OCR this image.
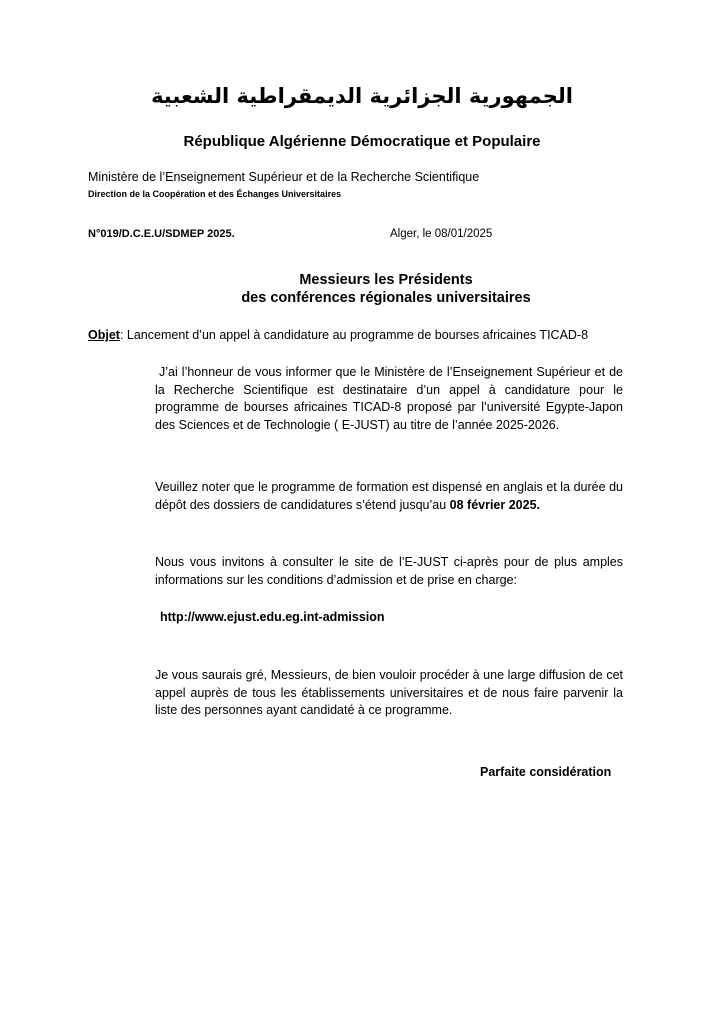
الجمهورية الجزائرية الديمقراطية الشعبية
République Algérienne Démocratique et Populaire
Ministère de l’Enseignement Supérieur et de la Recherche Scientifique
Direction de la Coopération et des Échanges Universitaires
N°019/D.C.E.U/SDMEP 2025.	Alger, le 08/01/2025
Messieurs les Présidents
des conférences régionales universitaires
Objet: Lancement d’un appel à candidature au programme de bourses africaines TICAD-8
J’ai l’honneur de vous informer que le Ministère de l’Enseignement Supérieur et de la Recherche Scientifique est destinataire d’un appel à candidature pour le programme de bourses africaines TICAD-8 proposé par l’université Egypte-Japon des Sciences et de Technologie ( E-JUST) au titre de l’année 2025-2026.
Veuillez noter que le programme de formation est dispensé en anglais et la durée du dépôt des dossiers de candidatures s’étend jusqu’au 08 février 2025.
Nous vous invitons à consulter le site de l’E-JUST ci-après pour de plus amples informations sur les conditions d’admission et de prise en charge:
http://www.ejust.edu.eg.int-admission
Je vous saurais gré, Messieurs, de bien vouloir procéder à une large diffusion de cet appel auprès de tous les établissements universitaires et de nous faire parvenir la liste des personnes ayant candidaté à ce programme.
Parfaite considération
